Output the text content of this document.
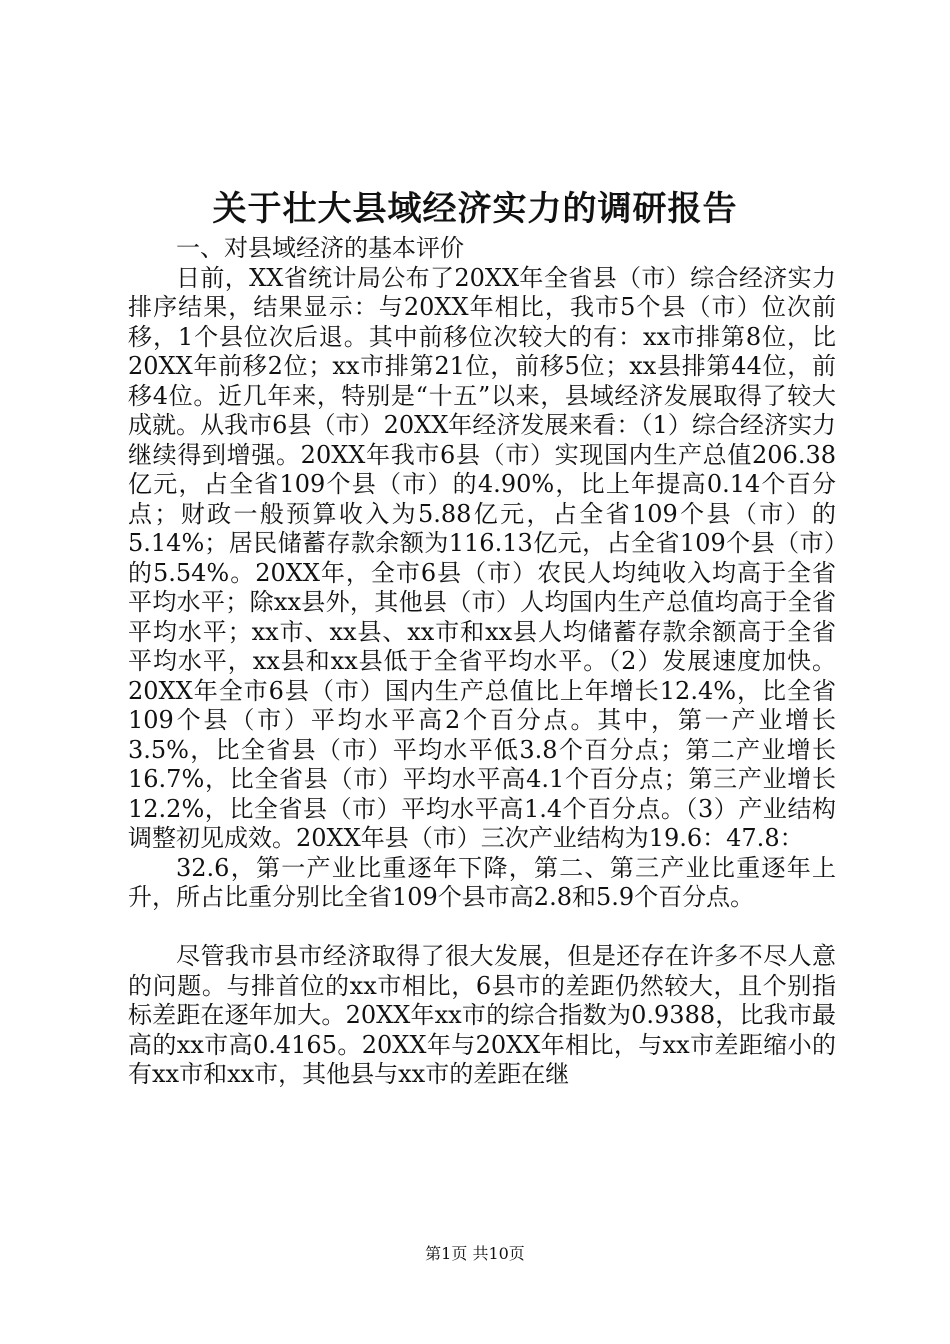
关于壮大县域经济实力的调研报告

一、对县域经济的基本评价

日前，XX省统计局公布了20XX年全省县（市）综合经济实力排序结果，结果显示：与20XX年相比，我市5个县（市）位次前移，1个县位次后退。其中前移位次较大的有：xx市排第8位，比20XX年前移2位；xx市排第21位，前移5位；xx县排第44位，前移4位。近几年来，特别是“十五”以来，县域经济发展取得了较大成就。从我市6县（市）20XX年经济发展来看：（1）综合经济实力继续得到增强。20XX年我市6县（市）实现国内生产总值206.38亿元，占全省109个县（市）的4.90%，比上年提高0.14个百分点；财政一般预算收入为5.88亿元，占全省109个县（市）的5.14%；居民储蓄存款余额为116.13亿元，占全省109个县（市）的5.54%。20XX年，全市6县（市）农民人均纯收入均高于全省平均水平；除xx县外，其他县（市）人均国内生产总值均高于全省平均水平；xx市、xx县、xx市和xx县人均储蓄存款余额高于全省平均水平，xx县和xx县低于全省平均水平。（2）发展速度加快。20XX年全市6县（市）国内生产总值比上年增长12.4%，比全省109个县（市）平均水平高2个百分点。其中，第一产业增长3.5%，比全省县（市）平均水平低3.8个百分点；第二产业增长16.7%，比全省县（市）平均水平高4.1个百分点；第三产业增长12.2%，比全省县（市）平均水平高1.4个百分点。（3）产业结构调整初见成效。20XX年县（市）三次产业结构为19.6：47.8：

32.6，第一产业比重逐年下降，第二、第三产业比重逐年上升，所占比重分别比全省109个县市高2.8和5.9个百分点。

尽管我市县市经济取得了很大发展，但是还存在许多不尽人意的问题。与排首位的xx市相比，6县市的差距仍然较大，且个别指标差距在逐年加大。20XX年xx市的综合指数为0.9388，比我市最高的xx市高0.4165。20XX年与20XX年相比，与xx市差距缩小的有xx市和xx市，其他县与xx市的差距在继

第1页 共10页
